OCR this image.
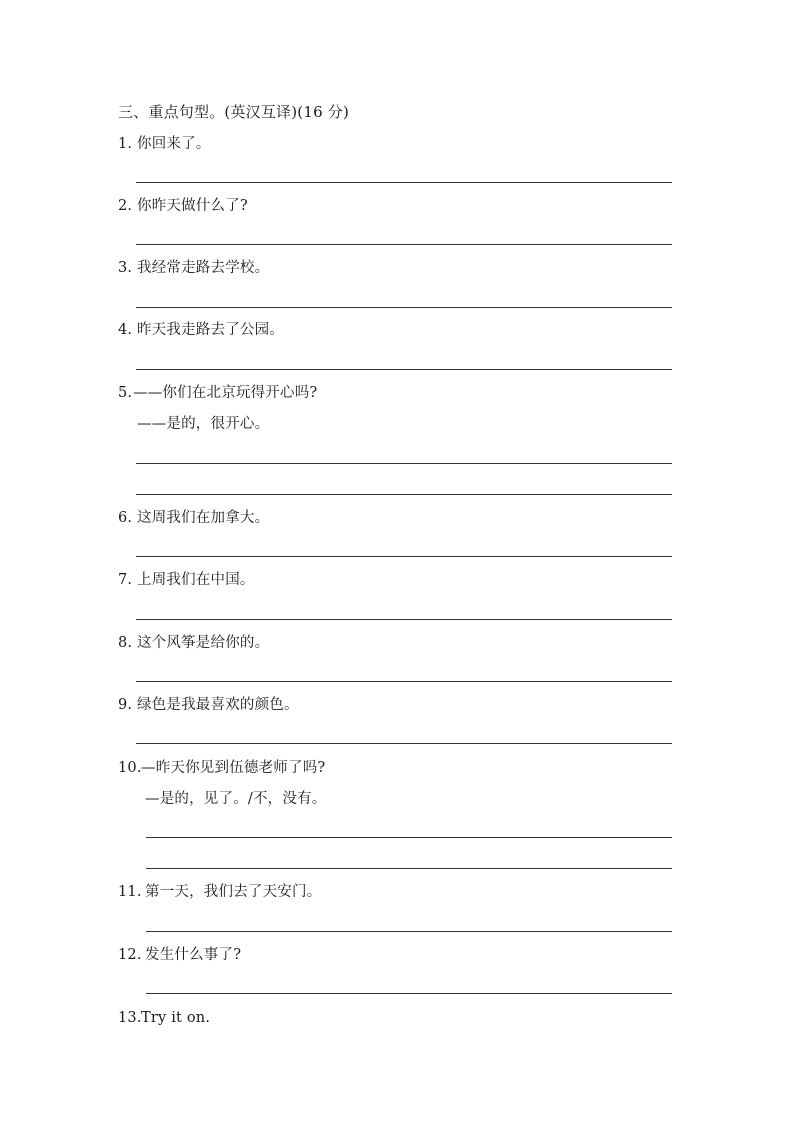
三、重点句型。(英汉互译)(16 分)
1. 你回来了。
2. 你昨天做什么了?
3. 我经常走路去学校。
4. 昨天我走路去了公园。
5. ——你们在北京玩得开心吗?
——是的，很开心。
6. 这周我们在加拿大。
7. 上周我们在中国。
8. 这个风筝是给你的。
9. 绿色是我最喜欢的颜色。
10. —昨天你见到伍德老师了吗?
—是的，见了。/不，没有。
11. 第一天，我们去了天安门。
12. 发生什么事了?
13. Try it on.
